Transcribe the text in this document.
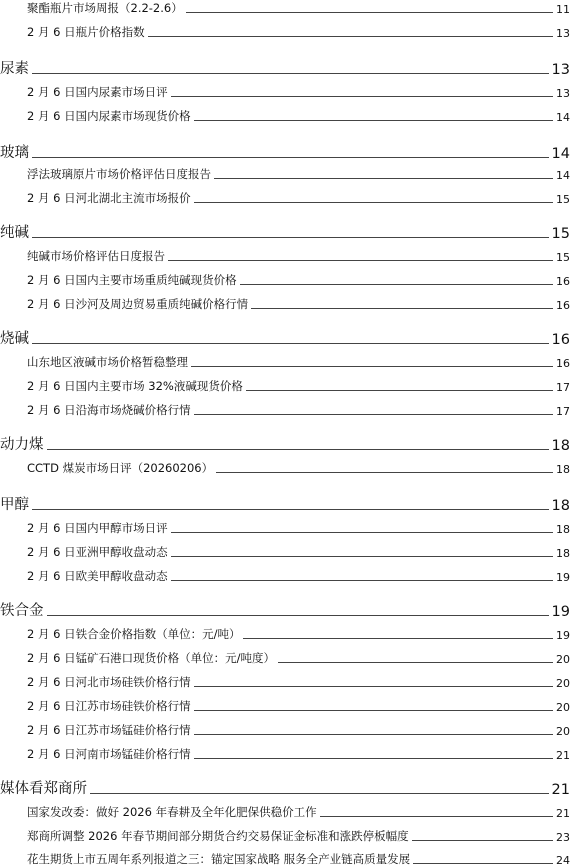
聚酯瓶片市场周报（2.2-2.6）	11
2 月 6 日瓶片价格指数	13
尿素	13
2 月 6 日国内尿素市场日评	13
2 月 6 日国内尿素市场现货价格	14
玻璃	14
浮法玻璃原片市场价格评估日度报告	14
2 月 6 日河北湖北主流市场报价	15
纯碱	15
纯碱市场价格评估日度报告	15
2 月 6 日国内主要市场重质纯碱现货价格	16
2 月 6 日沙河及周边贸易重质纯碱价格行情	16
烧碱	16
山东地区液碱市场价格暂稳整理	16
2 月 6 日国内主要市场 32%液碱现货价格	17
2 月 6 日沿海市场烧碱价格行情	17
动力煤	18
CCTD 煤炭市场日评（20260206）	18
甲醇	18
2 月 6 日国内甲醇市场日评	18
2 月 6 日亚洲甲醇收盘动态	18
2 月 6 日欧美甲醇收盘动态	19
铁合金	19
2 月 6 日铁合金价格指数（单位：元/吨）	19
2 月 6 日锰矿石港口现货价格（单位：元/吨度）	20
2 月 6 日河北市场硅铁价格行情	20
2 月 6 日江苏市场硅铁价格行情	20
2 月 6 日江苏市场锰硅价格行情	20
2 月 6 日河南市场锰硅价格行情	21
媒体看郑商所	21
国家发改委：做好 2026 年春耕及全年化肥保供稳价工作	21
郑商所调整 2026 年春节期间部分期货合约交易保证金标准和涨跌停板幅度	23
花生期货上市五周年系列报道之三：锚定国家战略 服务全产业链高质量发展	24
